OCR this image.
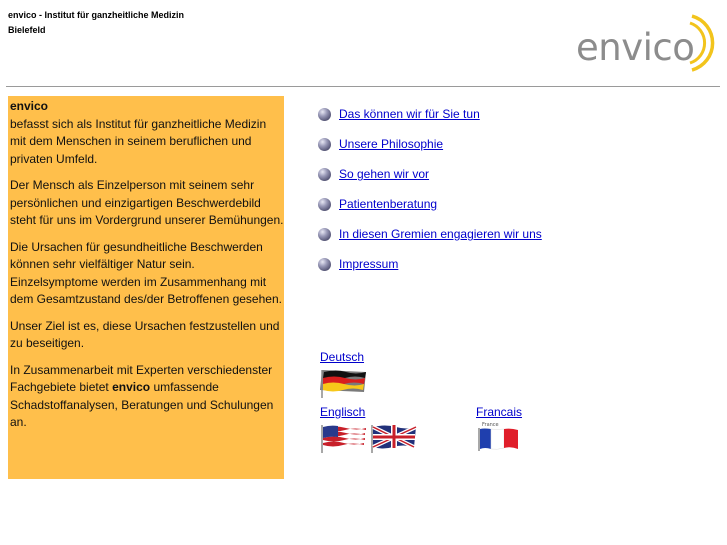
envico - Institut für ganzheitliche Medizin
Bielefeld	envico

envico
befasst sich als Institut für ganzheitliche Medizin mit dem Menschen in seinem beruflichen und privaten Umfeld.

Der Mensch als Einzelperson mit seinem sehr persönlichen und einzigartigen Beschwerdebild steht für uns im Vordergrund unserer Bemühungen.

Die Ursachen für gesundheitliche Beschwerden können sehr vielfältiger Natur sein. Einzelsymptome werden im Zusammenhang mit dem Gesamtzustand des/der Betroffenen gesehen.

Unser Ziel ist es, diese Ursachen festzustellen und zu beseitigen.

In Zusammenarbeit mit Experten verschiedenster Fachgebiete bietet envico umfassende Schadstoffanalysen, Beratungen und Schulungen an.

Das können wir für Sie tun
Unsere Philosophie
So gehen wir vor
Patientenberatung
In diesen Gremien engagieren wir uns
Impressum
Deutsch
Englisch	Francais
France
